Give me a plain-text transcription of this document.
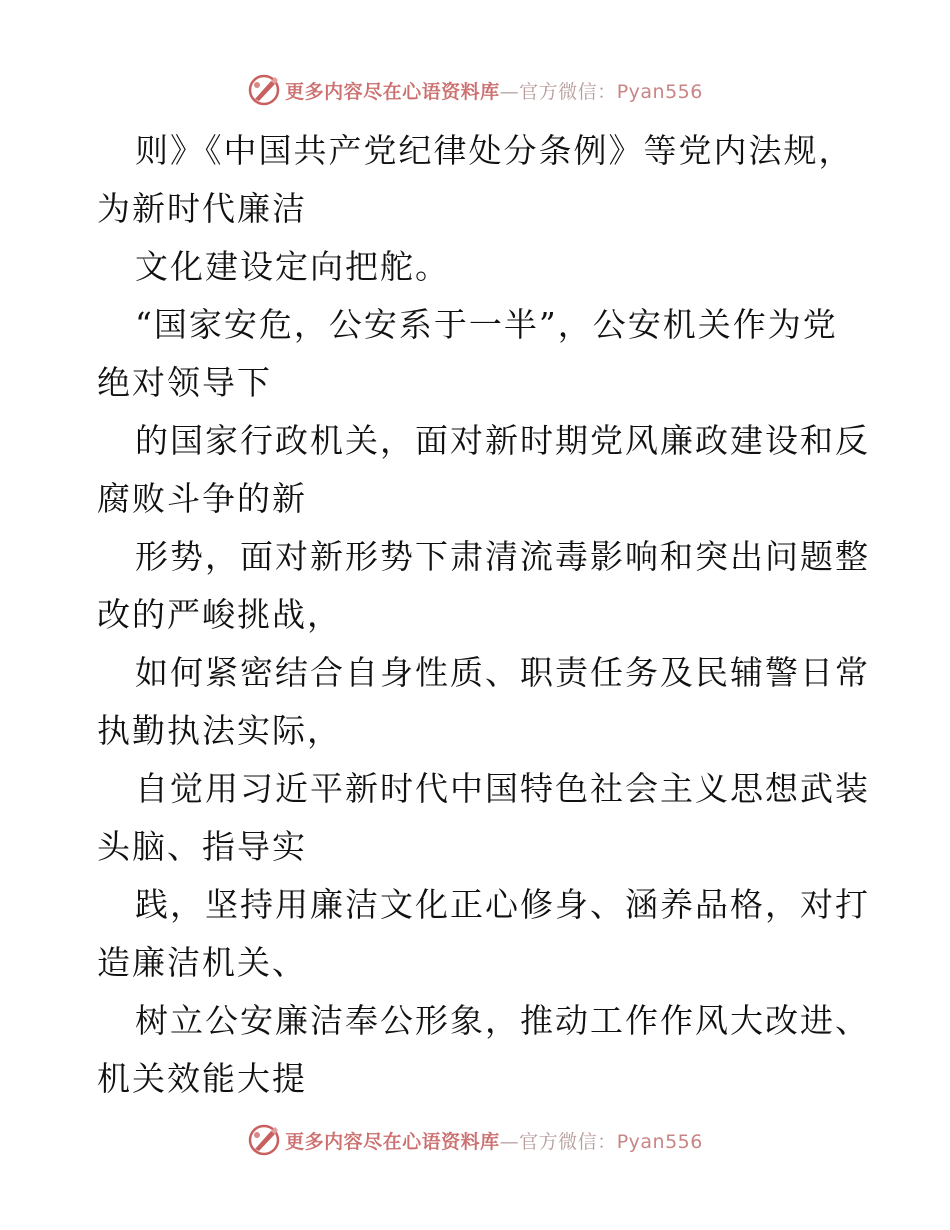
更多内容尽在心语资料库—官方微信：Pyan556
则》《中国共产党纪律处分条例》等党内法规，
为新时代廉洁
文化建设定向把舵。
“国家安危，公安系于一半”，公安机关作为党
绝对领导下
的国家行政机关，面对新时期党风廉政建设和反
腐败斗争的新
形势，面对新形势下肃清流毒影响和突出问题整
改的严峻挑战，
如何紧密结合自身性质、职责任务及民辅警日常
执勤执法实际，
自觉用习近平新时代中国特色社会主义思想武装
头脑、指导实
践，坚持用廉洁文化正心修身、涵养品格，对打
造廉洁机关、
树立公安廉洁奉公形象，推动工作作风大改进、
机关效能大提
更多内容尽在心语资料库—官方微信：Pyan556
